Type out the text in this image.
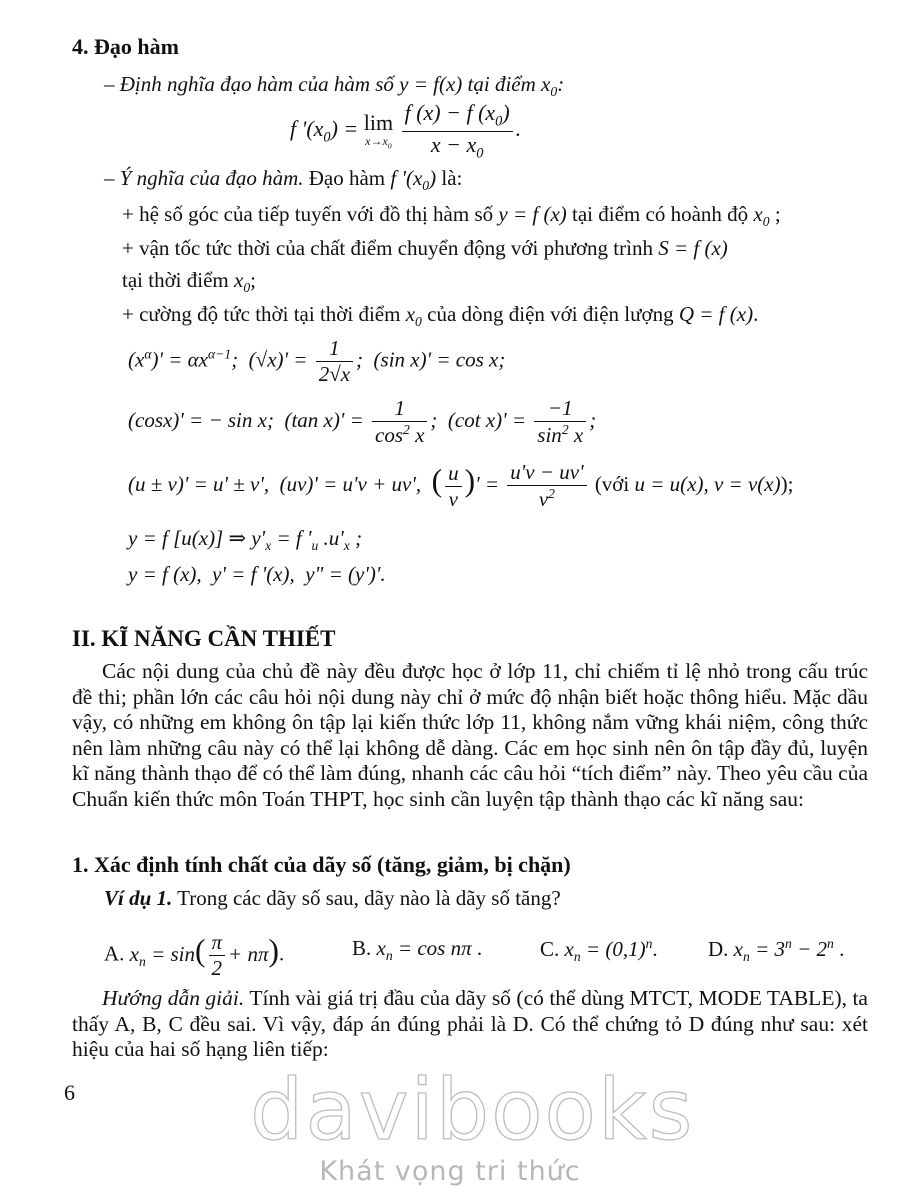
4. Đạo hàm
– Định nghĩa đạo hàm của hàm số y = f(x) tại điểm $x_0$:
f '$(x_0) = \lim$
$x\to x_0$
$\frac{f (x) - f (x_0)}{x - x_0}$ .
– Ý nghĩa của đạo hàm. Đạo hàm f '$(x_0)$ là:
+ hệ số góc của tiếp tuyến với đồ thị hàm số y = f (x) tại điểm có hoành độ $x_0$ ;
+ vận tốc tức thời của chất điểm chuyển động với phương trình S = f (x)
tại thời điểm $x_0$;
+ cường độ tức thời tại thời điểm $x_0$ của dòng điện với điện lượng Q = f (x).
$(x^\alpha)' = \alpha x^{\alpha-1}$;  $(√x)' = \frac{1}{2√x}$ ;  (sin x)' = cos x;
(cosx)' = − sin x;  (tan $x)' = \frac{1}{\cos^2 x}$ ;  (cot $x)' = \frac{-1}{\sin^2 x}$ ;
(u ± v)' = u' ± v',  (uv)' = u'v + uv',  ( $\frac{u}{v}$ )' = $\frac{u'v - uv'}{v^2}$ (với u = u(x), v = v(x));
y = f [u(x)] ⇒ $y'_x = f$ '$_u$ $.u'_x$ ;
y = f (x),  y' = f '(x),  y" = (y')'.
II. KĨ NĂNG CẦN THIẾT

Các nội dung của chủ đề này đều được học ở lớp 11, chỉ chiếm tỉ lệ nhỏ trong cấu trúc đề thi; phần lớn các câu hỏi nội dung này chỉ ở mức độ nhận biết hoặc thông hiểu. Mặc dầu vậy, có những em không ôn tập lại kiến thức lớp 11, không nắm vững khái niệm, công thức nên làm những câu này có thể lại không dễ dàng. Các em học sinh nên ôn tập đầy đủ, luyện kĩ năng thành thạo để có thể làm đúng, nhanh các câu hỏi “tích điểm” này. Theo yêu cầu của Chuẩn kiến thức môn Toán THPT, học sinh cần luyện tập thành thạo các kĩ năng sau:

1. Xác định tính chất của dãy số (tăng, giảm, bị chặn)
Ví dụ 1. Trong các dãy số sau, dãy nào là dãy số tăng?
A. $x_n = \sin( \frac{\pi}{2} + n\pi)$.	B. $x_n = \cos n\pi$ .	C. $x_n = (0,1)^n$. D. $x_n = 3^n - 2^n$ .

Hướng dẫn giải. Tính vài giá trị đầu của dãy số (có thể dùng MTCT, MODE TABLE), ta thấy A, B, C đều sai. Vì vậy, đáp án đúng phải là D. Có thể chứng tỏ D đúng như sau: xét hiệu của hai số hạng liên tiếp:

6 davibooks
Khát vọng tri thức
